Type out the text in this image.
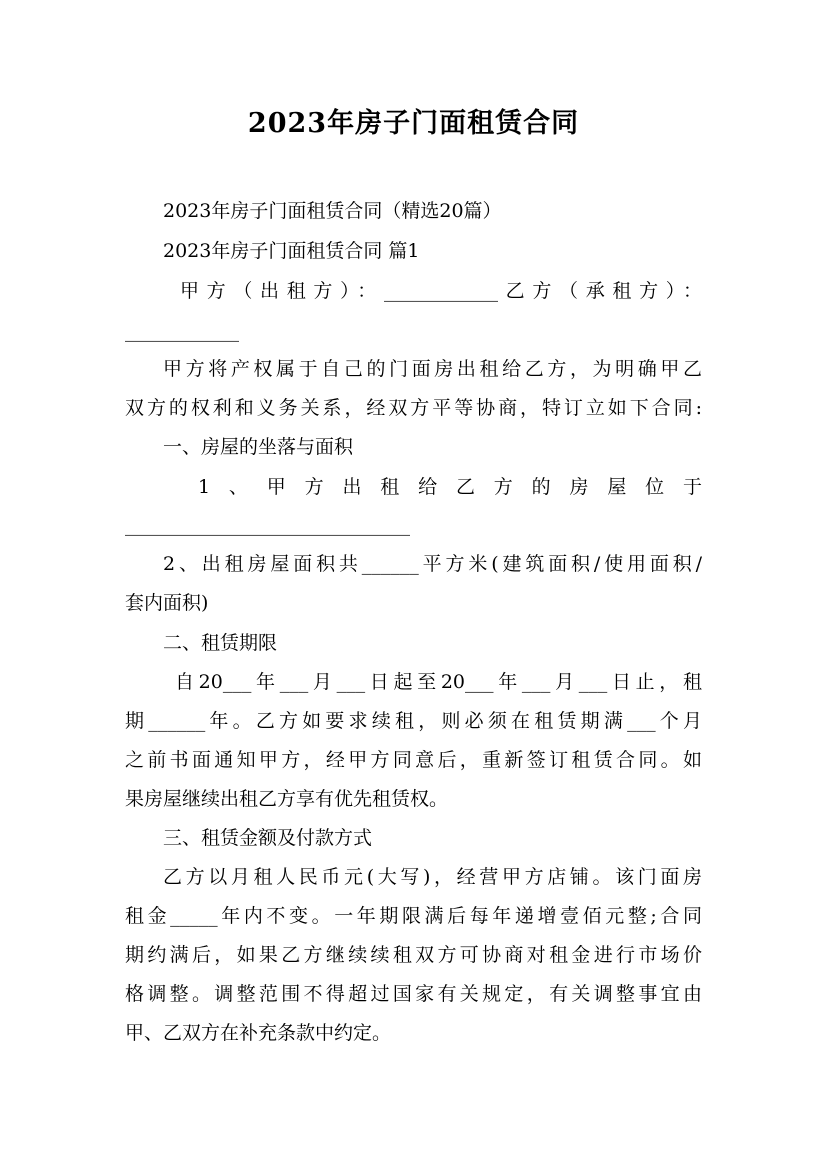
2023年房子门面租赁合同
2023年房子门面租赁合同（精选20篇）
2023年房子门面租赁合同 篇1
甲方（出租方）：____________乙方（承租方）：
____________
甲方将产权属于自己的门面房出租给乙方，为明确甲乙
双方的权利和义务关系，经双方平等协商，特订立如下合同:
一、房屋的坐落与面积
1、甲方出租给乙方的房屋位于
______________________________
2、出租房屋面积共______平方米(建筑面积/使用面积/
套内面积)
二、租赁期限
自20___年___月___日起至20___年___月___日止，租
期______年。乙方如要求续租，则必须在租赁期满___个月
之前书面通知甲方，经甲方同意后，重新签订租赁合同。如
果房屋继续出租乙方享有优先租赁权。
三、租赁金额及付款方式
乙方以月租人民币元(大写)，经营甲方店铺。该门面房
租金_____年内不变。一年期限满后每年递增壹佰元整;合同
期约满后，如果乙方继续续租双方可协商对租金进行市场价
格调整。调整范围不得超过国家有关规定，有关调整事宜由
甲、乙双方在补充条款中约定。
